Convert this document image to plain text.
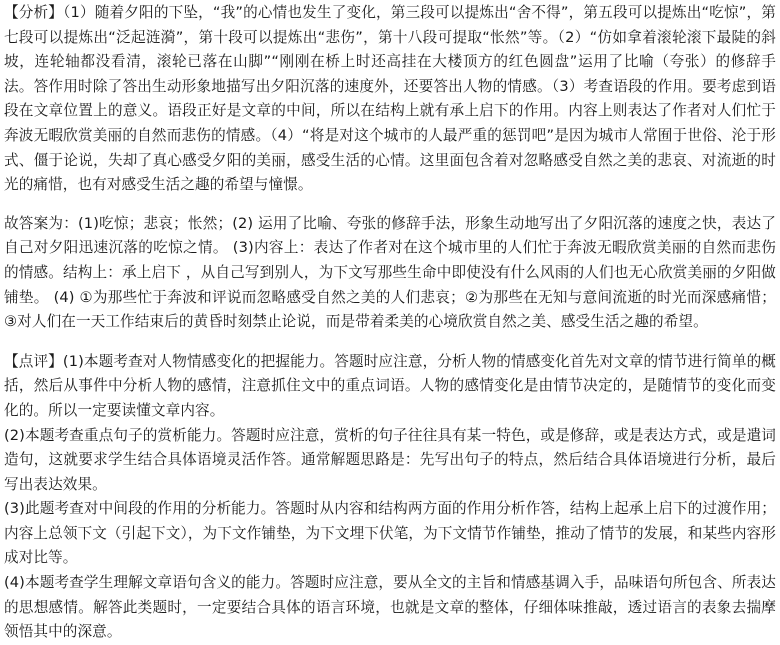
【分析】（1）随着夕阳的下坠，“我”的心情也发生了变化，第三段可以提炼出“舍不得”，第五段可以提炼出“吃惊”，第七段可以提炼出“泛起涟漪”，第十段可以提炼出“悲伤”，第十八段可提取“怅然”等。（2）“仿如拿着滚轮滚下最陡的斜坡，连轮轴都没看清，滚轮已落在山脚”“刚刚在桥上时还高挂在大楼顶方的红色圆盘”运用了比喻（夸张）的修辞手法。答作用时除了答出生动形象地描写出夕阳沉落的速度外，还要答出人物的情感。（3）考查语段的作用。要考虑到语段在文章位置上的意义。语段正好是文章的中间，所以在结构上就有承上启下的作用。内容上则表达了作者对人们忙于奔波无暇欣赏美丽的自然而悲伤的情感。（4）“将是对这个城市的人最严重的惩罚吧”是因为城市人常囿于世俗、沦于形式、僵于论说，失却了真心感受夕阳的美丽，感受生活的心情。这里面包含着对忽略感受自然之美的悲哀、对流逝的时光的痛惜，也有对感受生活之趣的希望与憧憬。

故答案为：(1)吃惊；悲哀；怅然；(2) 运用了比喻、夸张的修辞手法，形象生动地写出了夕阳沉落的速度之快，表达了自己对夕阳迅速沉落的吃惊之情。 (3)内容上：表达了作者对在这个城市里的人们忙于奔波无暇欣赏美丽的自然而悲伤的情感。结构上：承上启下 ，从自己写到别人，为下文写那些生命中即使没有什么风雨的人们也无心欣赏美丽的夕阳做铺垫。 (4) ①为那些忙于奔波和评说而忽略感受自然之美的人们悲哀；②为那些在无知与意间流逝的时光而深感痛惜；③对人们在一天工作结束后的黄昏时刻禁止论说，而是带着柔美的心境欣赏自然之美、感受生活之趣的希望。

【点评】(1)本题考查对人物情感变化的把握能力。答题时应注意，分析人物的情感变化首先对文章的情节进行简单的概括，然后从事件中分析人物的感情，注意抓住文中的重点词语。人物的感情变化是由情节决定的，是随情节的变化而变化的。所以一定要读懂文章内容。

(2)本题考查重点句子的赏析能力。答题时应注意，赏析的句子往往具有某一特色，或是修辞，或是表达方式，或是遣词造句，这就要求学生结合具体语境灵活作答。通常解题思路是：先写出句子的特点，然后结合具体语境进行分析，最后写出表达效果。

(3)此题考查对中间段的作用的分析能力。答题时从内容和结构两方面的作用分析作答，结构上起承上启下的过渡作用；内容上总领下文（引起下文），为下文作铺垫，为下文埋下伏笔，为下文情节作铺垫，推动了情节的发展，和某些内容形成对比等。

(4)本题考查学生理解文章语句含义的能力。答题时应注意，要从全文的主旨和情感基调入手，品味语句所包含、所表达的思想感情。解答此类题时，一定要结合具体的语言环境，也就是文章的整体，仔细体味推敲，透过语言的表象去揣摩领悟其中的深意。
